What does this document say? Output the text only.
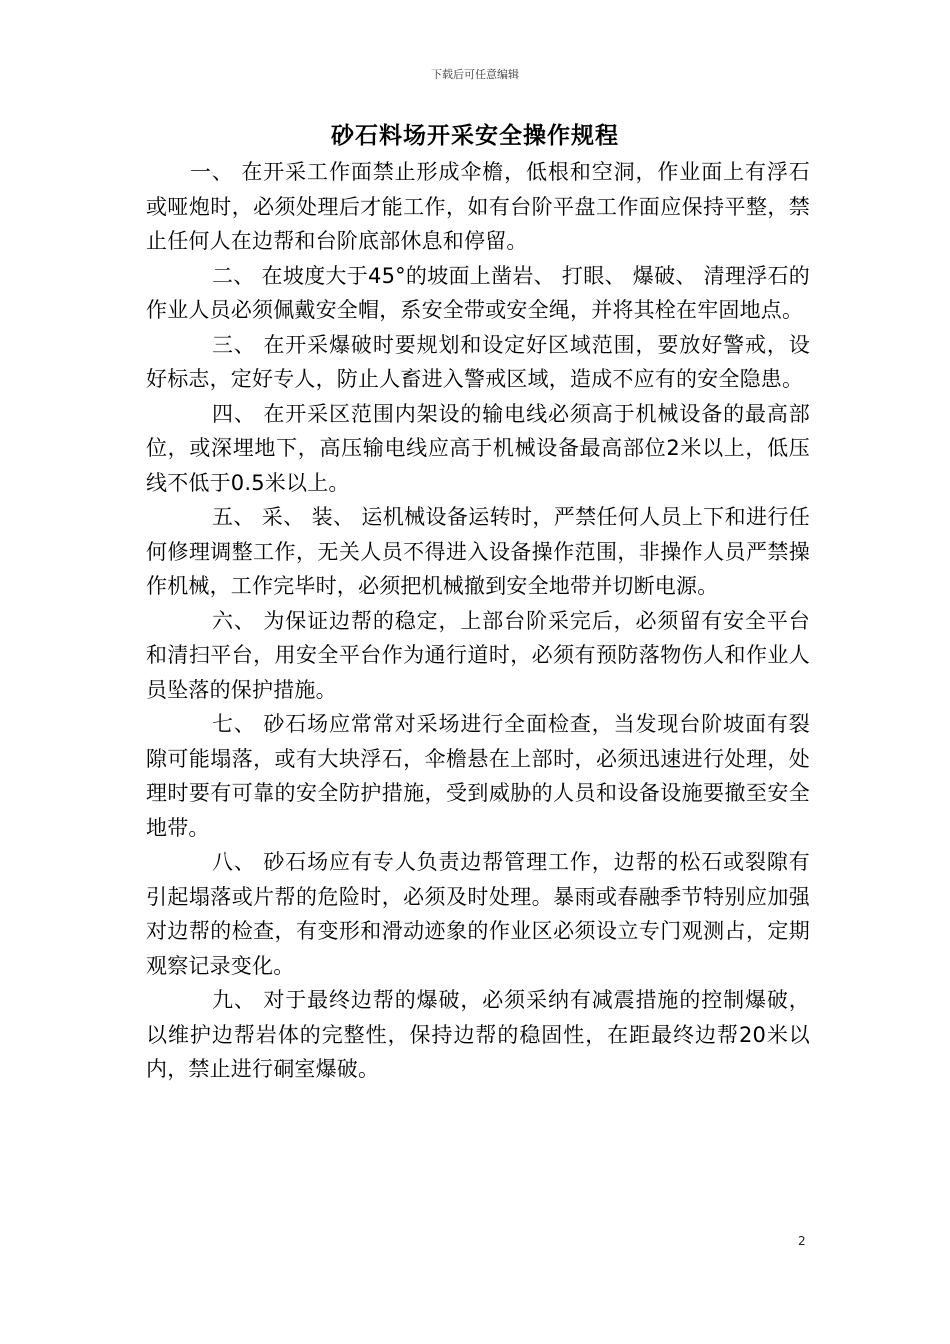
下载后可任意编辑
砂石料场开采安全操作规程

一、 在开采工作面禁止形成伞檐，低根和空洞，作业面上有浮石或哑炮时，必须处理后才能工作，如有台阶平盘工作面应保持平整，禁止任何人在边帮和台阶底部休息和停留。

二、 在坡度大于45°的坡面上凿岩、 打眼、 爆破、 清理浮石的作业人员必须佩戴安全帽，系安全带或安全绳，并将其栓在牢固地点。

三、 在开采爆破时要规划和设定好区域范围，要放好警戒，设好标志，定好专人，防止人畜进入警戒区域，造成不应有的安全隐患。

四、 在开采区范围内架设的输电线必须高于机械设备的最高部位，或深埋地下，高压输电线应高于机械设备最高部位2米以上，低压线不低于0.5米以上。

五、 采、 装、 运机械设备运转时，严禁任何人员上下和进行任何修理调整工作，无关人员不得进入设备操作范围，非操作人员严禁操作机械，工作完毕时，必须把机械撤到安全地带并切断电源。

六、 为保证边帮的稳定，上部台阶采完后，必须留有安全平台和清扫平台，用安全平台作为通行道时，必须有预防落物伤人和作业人员坠落的保护措施。

七、 砂石场应常常对采场进行全面检查，当发现台阶坡面有裂隙可能塌落，或有大块浮石，伞檐悬在上部时，必须迅速进行处理，处理时要有可靠的安全防护措施，受到威胁的人员和设备设施要撤至安全地带。

八、 砂石场应有专人负责边帮管理工作，边帮的松石或裂隙有引起塌落或片帮的危险时，必须及时处理。暴雨或春融季节特别应加强对边帮的检查，有变形和滑动迹象的作业区必须设立专门观测占，定期观察记录变化。

九、 对于最终边帮的爆破，必须采纳有减震措施的控制爆破，以维护边帮岩体的完整性，保持边帮的稳固性，在距最终边帮20米以内，禁止进行硐室爆破。

2
